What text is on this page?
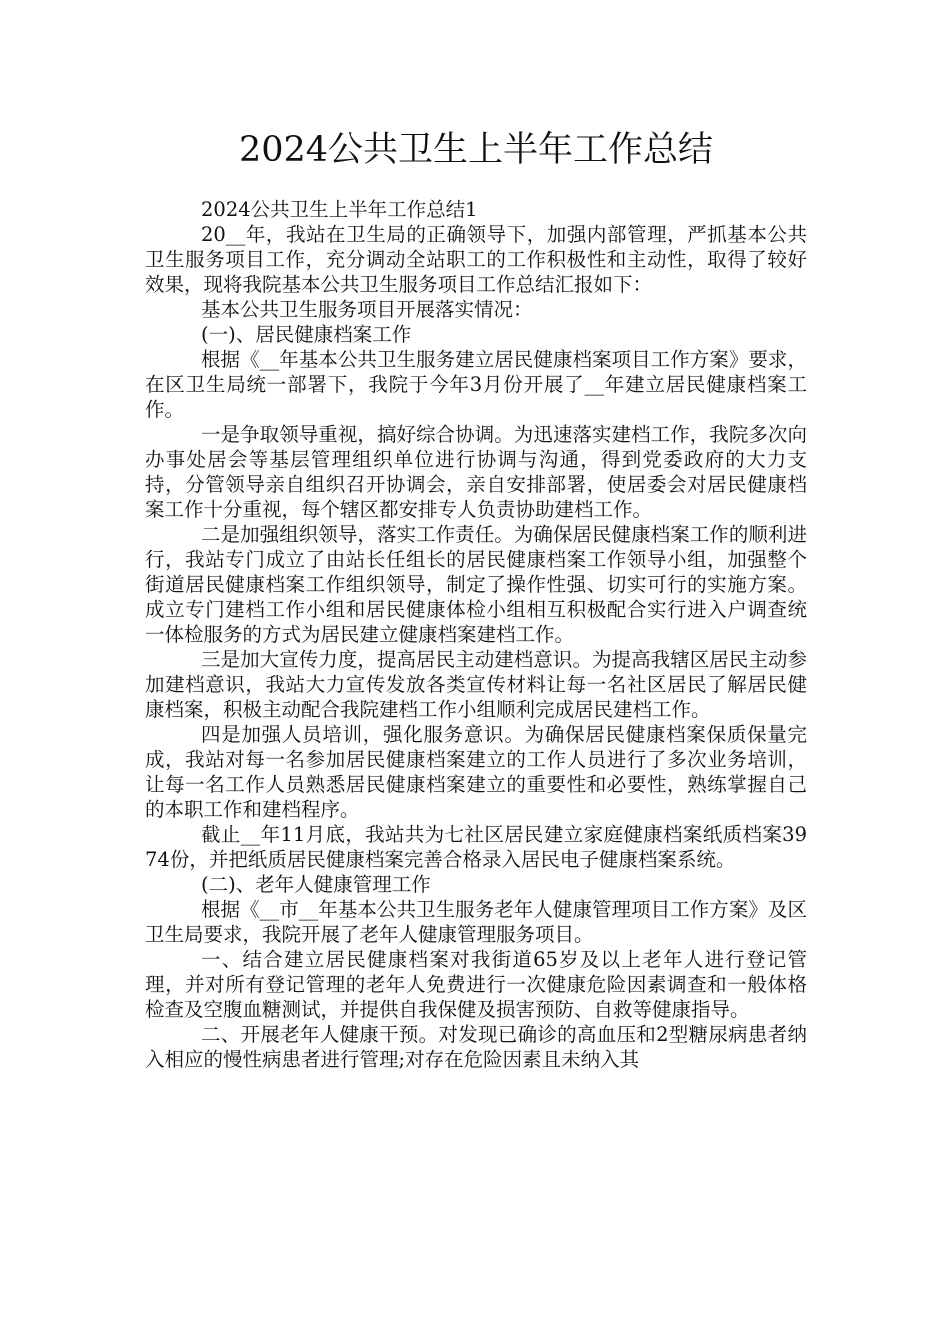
2024公共卫生上半年工作总结

2024公共卫生上半年工作总结1

20__年，我站在卫生局的正确领导下，加强内部管理，严抓基本公共卫生服务项目工作，充分调动全站职工的工作积极性和主动性，取得了较好效果，现将我院基本公共卫生服务项目工作总结汇报如下：

基本公共卫生服务项目开展落实情况：

(一)、居民健康档案工作

根据《__年基本公共卫生服务建立居民健康档案项目工作方案》要求，在区卫生局统一部署下，我院于今年3月份开展了__年建立居民健康档案工作。

一是争取领导重视，搞好综合协调。为迅速落实建档工作，我院多次向办事处居会等基层管理组织单位进行协调与沟通，得到党委政府的大力支持，分管领导亲自组织召开协调会，亲自安排部署，使居委会对居民健康档案工作十分重视，每个辖区都安排专人负责协助建档工作。

二是加强组织领导，落实工作责任。为确保居民健康档案工作的顺利进行，我站专门成立了由站长任组长的居民健康档案工作领导小组，加强整个街道居民健康档案工作组织领导，制定了操作性强、切实可行的实施方案。成立专门建档工作小组和居民健康体检小组相互积极配合实行进入户调查统一体检服务的方式为居民建立健康档案建档工作。

三是加大宣传力度，提高居民主动建档意识。为提高我辖区居民主动参加建档意识，我站大力宣传发放各类宣传材料让每一名社区居民了解居民健康档案，积极主动配合我院建档工作小组顺利完成居民建档工作。

四是加强人员培训，强化服务意识。为确保居民健康档案保质保量完成，我站对每一名参加居民健康档案建立的工作人员进行了多次业务培训，让每一名工作人员熟悉居民健康档案建立的重要性和必要性，熟练掌握自己的本职工作和建档程序。

截止__年11月底，我站共为七社区居民建立家庭健康档案纸质档案3974份，并把纸质居民健康档案完善合格录入居民电子健康档案系统。

(二)、老年人健康管理工作

根据《__市__年基本公共卫生服务老年人健康管理项目工作方案》及区卫生局要求，我院开展了老年人健康管理服务项目。

一、结合建立居民健康档案对我街道65岁及以上老年人进行登记管理，并对所有登记管理的老年人免费进行一次健康危险因素调查和一般体格检查及空腹血糖测试，并提供自我保健及损害预防、自救等健康指导。

二、开展老年人健康干预。对发现已确诊的高血压和2型糖尿病患者纳入相应的慢性病患者进行管理;对存在危险因素且未纳入其
